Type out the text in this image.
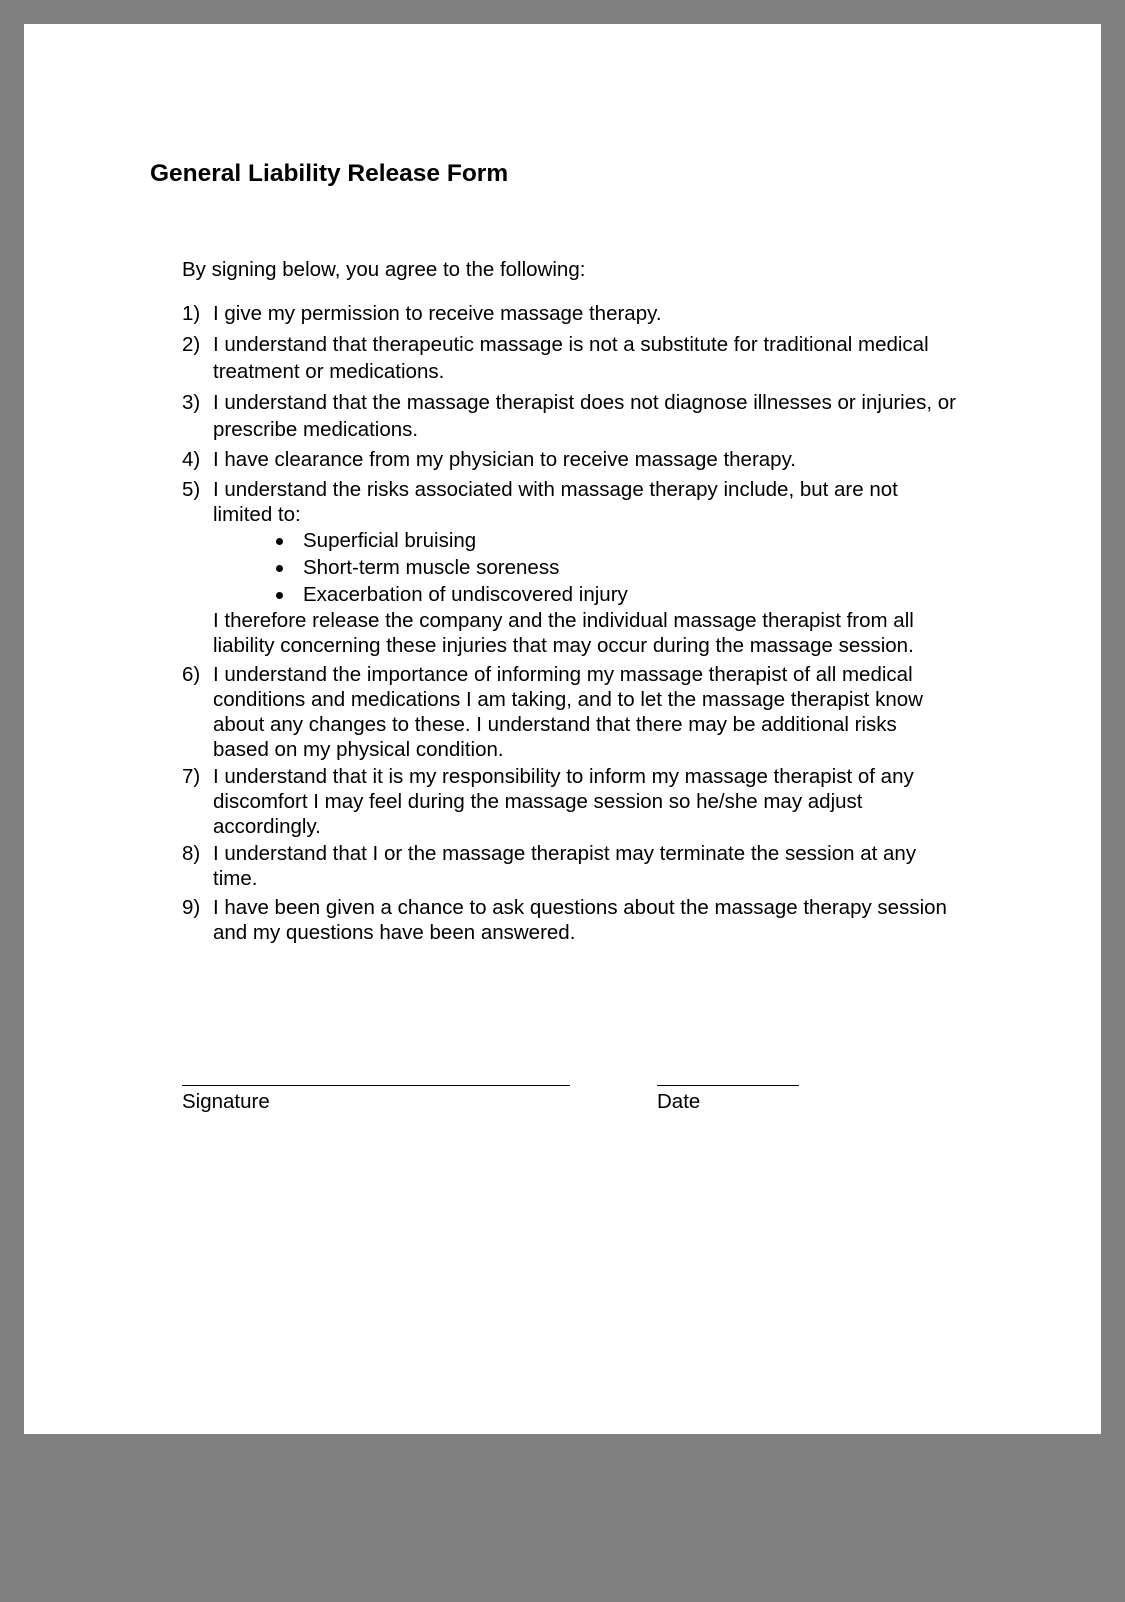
General Liability Release Form

By signing below, you agree to the following:

1) I give my permission to receive massage therapy.
2) I understand that therapeutic massage is not a substitute for traditional medical treatment or medications.
3) I understand that the massage therapist does not diagnose illnesses or injuries, or prescribe medications.
4) I have clearance from my physician to receive massage therapy.
5) I understand the risks associated with massage therapy include, but are not limited to:
Superficial bruising
Short-term muscle soreness
Exacerbation of undiscovered injury
I therefore release the company and the individual massage therapist from all liability concerning these injuries that may occur during the massage session.
6) I understand the importance of informing my massage therapist of all medical conditions and medications I am taking, and to let the massage therapist know about any changes to these. I understand that there may be additional risks based on my physical condition.
7) I understand that it is my responsibility to inform my massage therapist of any discomfort I may feel during the massage session so he/she may adjust accordingly.
8) I understand that I or the massage therapist may terminate the session at any time.
9) I have been given a chance to ask questions about the massage therapy session and my questions have been answered.
Signature	Date
